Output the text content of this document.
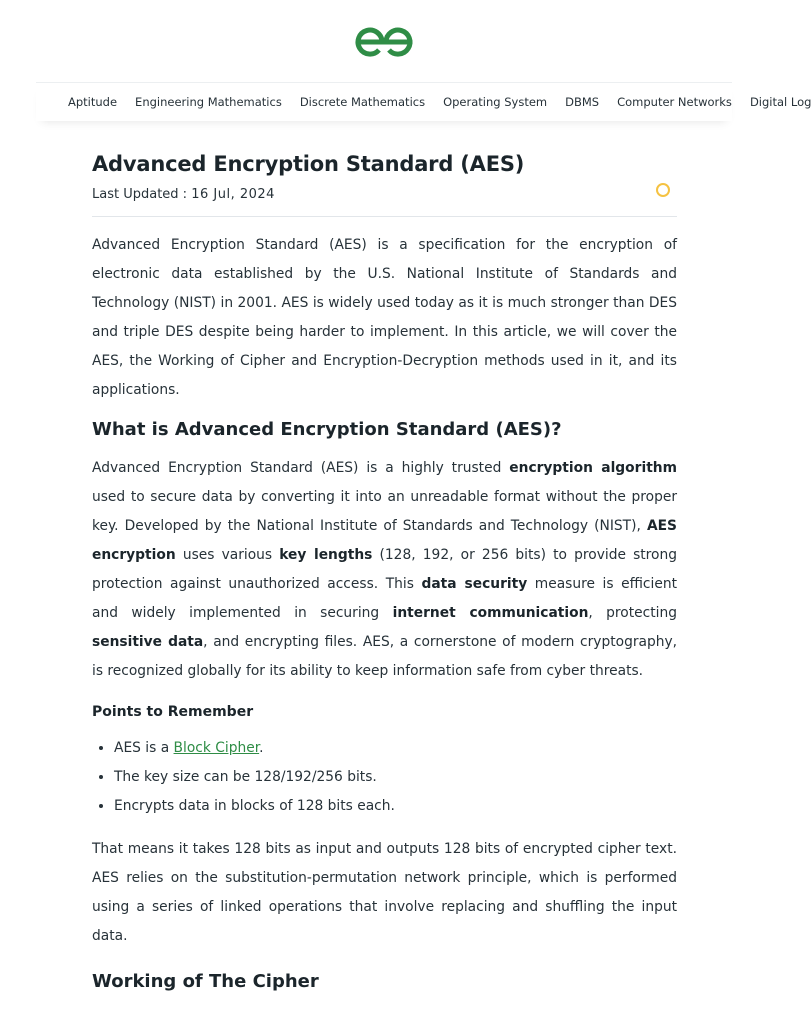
Aptitude Engineering Mathematics Discrete Mathematics Operating System DBMS Computer Networks Digital Log
Advanced Encryption Standard (AES)
Last Updated : 16 Jul, 2024

Advanced Encryption Standard (AES) is a specification for the encryption of electronic data established by the U.S. National Institute of Standards and Technology (NIST) in 2001. AES is widely used today as it is much stronger than DES and triple DES despite being harder to implement. In this article, we will cover the AES, the Working of Cipher and Encryption-Decryption methods used in it, and its applications.

What is Advanced Encryption Standard (AES)?

Advanced Encryption Standard (AES) is a highly trusted encryption algorithm used to secure data by converting it into an unreadable format without the proper key. Developed by the National Institute of Standards and Technology (NIST), AES encryption uses various key lengths (128, 192, or 256 bits) to provide strong protection against unauthorized access. This data security measure is efficient and widely implemented in securing internet communication, protecting sensitive data, and encrypting files. AES, a cornerstone of modern cryptography, is recognized globally for its ability to keep information safe from cyber threats.

Points to Remember
• AES is a Block Cipher.
• The key size can be 128/192/256 bits.
• Encrypts data in blocks of 128 bits each.

That means it takes 128 bits as input and outputs 128 bits of encrypted cipher text. AES relies on the substitution-permutation network principle, which is performed using a series of linked operations that involve replacing and shuffling the input data.

Working of The Cipher
